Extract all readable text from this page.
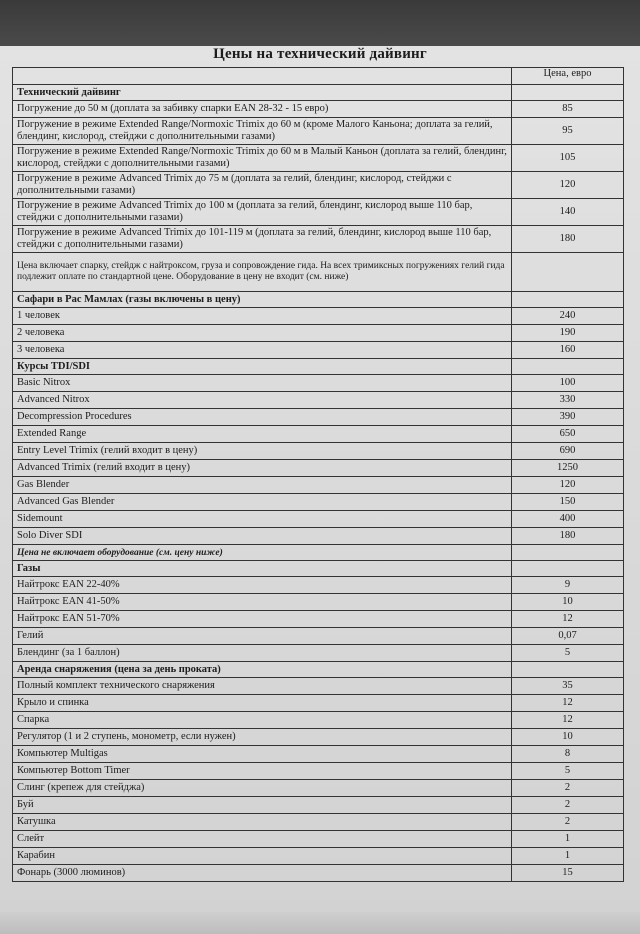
Цены на технический дайвинг
	Цена, евро
Технический дайвинг	
Погружение до 50 м (доплата за забивку спарки EAN 28-32 - 15 евро)	85
Погружение в режиме Extended Range/Normoxic Trimix до 60 м (кроме Малого Каньона; доплата за гелий, блендинг, кислород, стейджи с дополнительными газами)	95
Погружение в режиме Extended Range/Normoxic Trimix до 60 м в Малый Каньон (доплата за гелий, блендинг, кислород, стейджи с дополнительными газами)	105
Погружение в режиме Advanced Trimix до 75 м (доплата за гелий, блендинг, кислород, стейджи с дополнительными газами)	120
Погружение в режиме Advanced Trimix до 100 м (доплата за гелий, блендинг, кислород выше 110 бар, стейджи с дополнительными газами)	140
Погружение в режиме Advanced Trimix до 101-119 м (доплата за гелий, блендинг, кислород выше 110 бар, стейджи с дополнительными газами)	180
Цена включает спарку, стейдж с найтроксом, груза и сопровождение гида. На всех тримиксных погружениях гелий гида подлежит оплате по стандартной цене. Оборудование в цену не входит (см. ниже)	
Сафари в Рас Мамлах (газы включены в цену)	
1 человек	240
2 человека	190
3 человека	160
Курсы TDI/SDI	
Basic Nitrox	100
Advanced Nitrox	330
Decompression Procedures	390
Extended Range	650
Entry Level Trimix (гелий входит в цену)	690
Advanced Trimix (гелий входит в цену)	1250
Gas Blender	120
Advanced Gas Blender	150
Sidemount	400
Solo Diver SDI	180
Цена не включает оборудование (см. цену ниже)	
Газы	
Найтрокс EAN 22-40%	9
Найтрокс EAN 41-50%	10
Найтрокс EAN 51-70%	12
Гелий	0,07
Блендинг (за 1 баллон)	5
Аренда снаряжения (цена за день проката)	
Полный комплект технического снаряжения	35
Крыло и спинка	12
Спарка	12
Регулятор (1 и 2 ступень, монометр, если нужен)	10
Компьютер Multigas	8
Компьютер Bottom Timer	5
Слинг (крепеж для стейджа)	2
Буй	2
Катушка	2
Слейт	1
Карабин	1
Фонарь (3000 люминов)	15
